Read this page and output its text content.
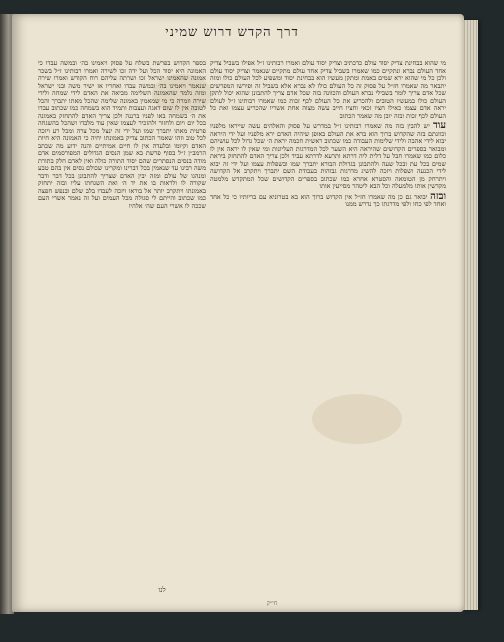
דרך הקדש דרוש שמיני

מי שהוא בבחינת צדיק יסוד עולם כדכתיב וצדיק יסוד עולם ואמרו רבותינו ז״ל אפילו בשביל צדיק אחד העולם נברא ונתקיים כמו שאמרו בשביל צדיק אחד עולם מתקיים שנאמר וצדיק יסוד עולם ולכן כל מי שהוא ירא שמים באמת ומתקן מעשיו הוא בבחינת יסוד ומשפיע לכל העולם כולו ומזה יתבאר מה שאמרו חז״ל על פסוק זה כל העולם כולו לא נברא אלא בשביל זה ופירשו המפרשים שכל אדם צריך לומר בשבילי נברא העולם והכוונה בזה שכל אדם צריך להתבונן שהוא יכול לתקן העולם כולו במעשיו הטובים ולהכריע את כל העולם לכף זכות כמו שאמרו רבותינו ז״ל לעולם יראה אדם עצמו כאילו חציו זכאי וחציו חייב עשה מצוה אחת אשריו שהכריע עצמו ואת כל העולם לכף זכות ובזה יובן מה שאמר הכתוב

עוד יש להבין בזה מה שאמרו רבותינו ז״ל במדרש על פסוק והאלהים עשה שייראו מלפניו וכוונתם בזה שהקדוש ברוך הוא ברא את העולם באופן שיהיה האדם ירא מלפניו ועל ידי היראה יבוא לידי אהבה ולידי שלימות העבודה כמו שכתוב ראשית חכמה יראת ה׳ שכל גדול לכל עושיהם ומבואר בספרים הקדושים שהיראה היא השער לכל המדרגות העליונות ומי שאין לו יראה אין לו כלום כמו שאמרו חבל על דלית ליה דרתא ותרעא לדרתא עביד ולכן צריך האדם להתחזק ביראת שמים בכל עת ובכל שעה ולהתבונן בגדולת הבורא יתברך שמו ובשפלות עצמו ועל ידי זה יבוא לידי הכנעה ושפלות ויזכה להשיג מדרגות גבוהות בעבודת השם יתברך ויתקרב אל הקדושה ויתרחק מן הטומאה והסטרא אחרא כמו שכתוב בספרים הקדושים שכל המתקדש מלמטה מקדשין אותו מלמעלה וכל הבא ליטהר מסייעין אותו

ובזה יבואר גם כן מה שאמרו חז״ל אין הקדוש ברוך הוא בא בטרוניא עם בריותיו כי כל אחד ואחד לפי כחו ולפי מדרגתו כך נדרש ממנו

בספר הקדוש בפרשת בשלח על פסוק ויאמינו בה׳ ובמשה עבדו כי האמונה היא יסוד הכל ועל ידה זכו לשירה ואמרו רבותינו ז״ל בשכר אמונה שהאמינו ישראל זכו ושרתה עליהם רוח הקודש ואמרו שירה שנאמר ויאמינו בה׳ ובמשה עבדו ואחריו אז ישיר משה ובני ישראל ומזה נלמד שהאמונה השלימה מביאה את האדם לידי שמחה ולידי שירה וזמרה כי מי שמאמין באמונה שלימה שהכל מאתו יתברך והכל לטובה אין לו שום דאגה ועצבות ותמיד הוא בשמחה כמו שכתוב עבדו את ה׳ בשמחה באו לפניו ברננה ולכן צריך האדם להתחזק באמונה בכל יום ויום ולחזור ולהזכיר לעצמו שאין עוד מלבדו ושהכל בהשגחה פרטית מאתו יתברך שמו ועל ידי זה ינצל מכל צרה ומכל רע ויזכה לכל טוב וזהו שאמר הכתוב צדיק באמונתו יחיה כי האמונה היא חיות האדם וקיומו ובלעדה אין לו חיים אמיתיים והנה ידוע מה שכתב הרמב״ן ז״ל בסוף פרשת בא שמן הנסים הגדולים המפורסמים אדם מודה בנסים הנסתרים שהם יסוד התורה כולה ואין לאדם חלק בתורת משה רבינו עד שנאמין בכל דברינו ומקרינו שכולם נסים אין בהם טבע ומנהגו של עולם ומזה יבין האדם שצריך להתבונן בכל דבר ודבר שקורה לו ולראות בו את יד ה׳ ואת השגחתו עליו ובזה יתחזק באמונתו ויתקרב יותר אל בוראו ויזכה לעבדו בלב שלם ובנפש חפצה כמו שכתוב והייתם לי סגולה מכל העמים ועל זה נאמר אשרי העם שככה לו אשרי העם שה׳ אלהיו

לנו
חי״ק
